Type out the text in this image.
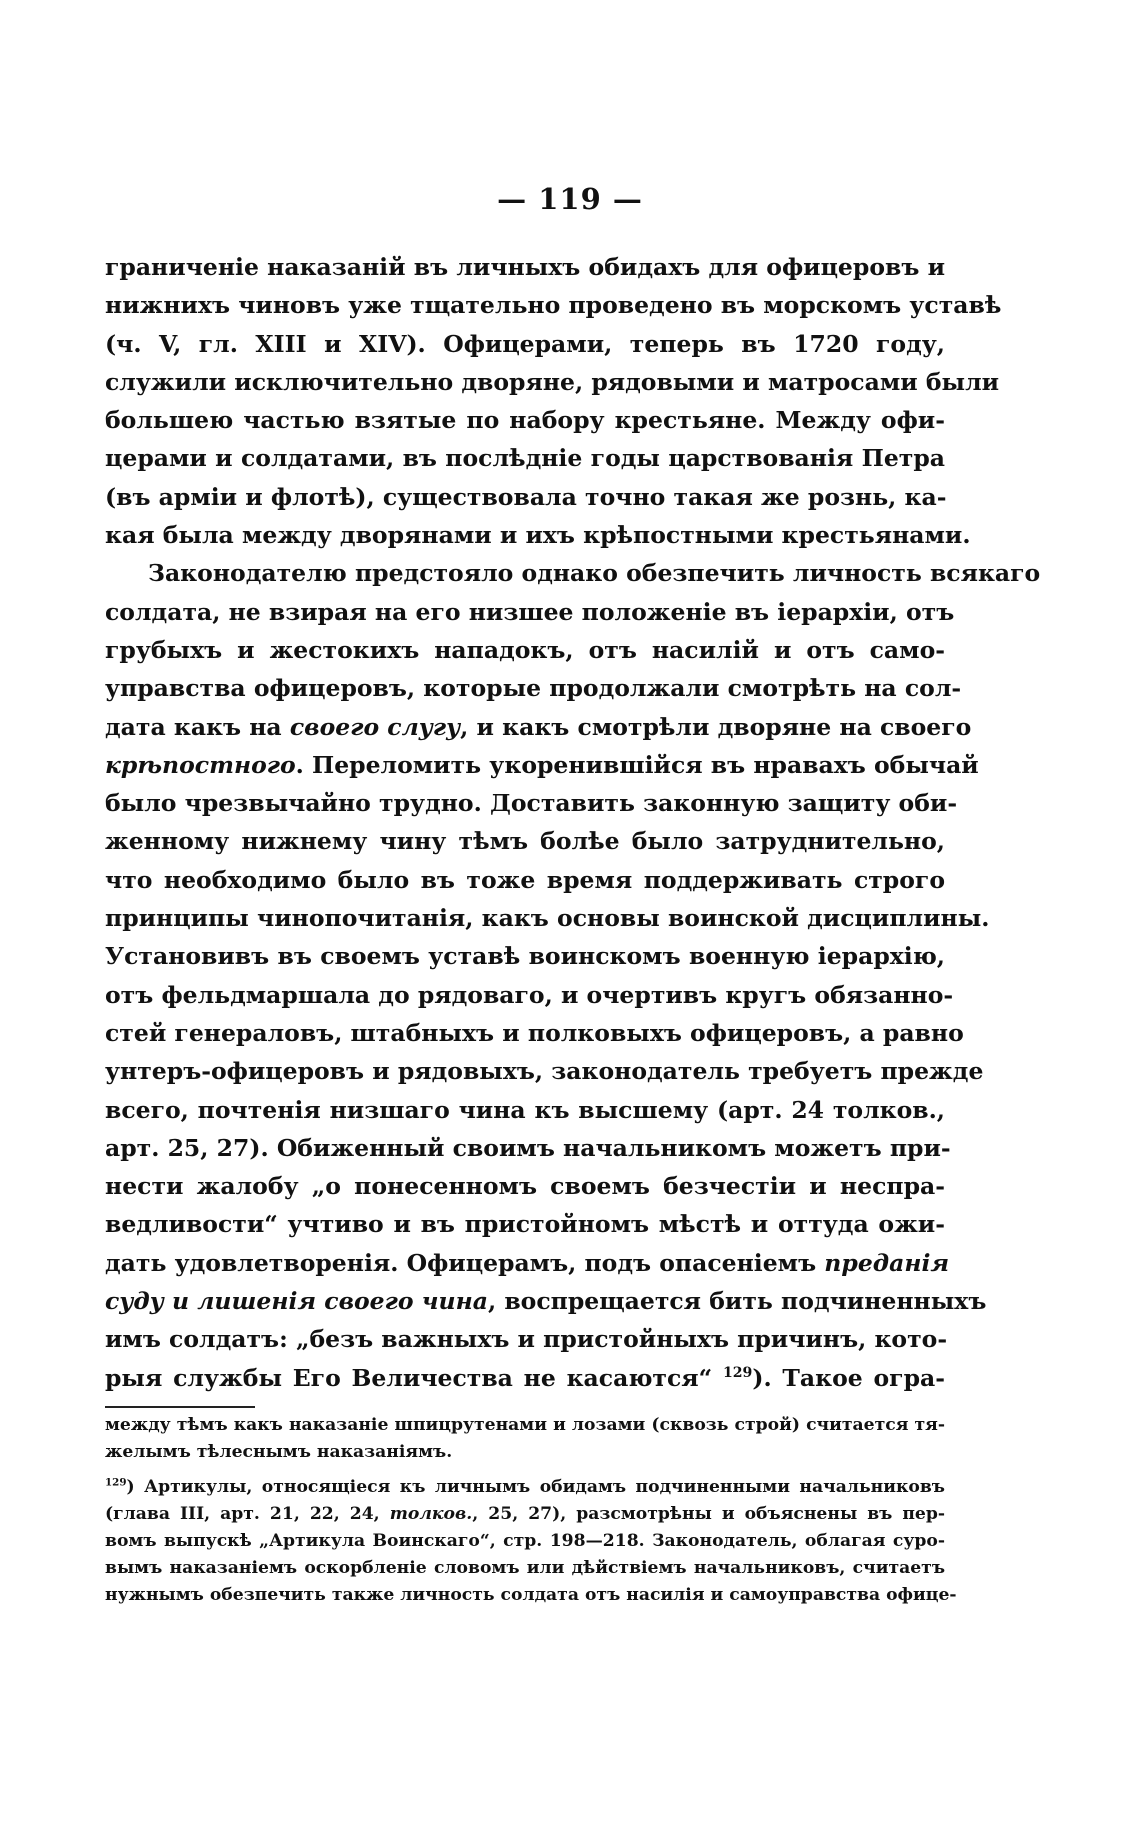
— 119 —
граниченіе наказаній въ личныхъ обидахъ для офицеровъ и
нижнихъ чиновъ уже тщательно проведено въ морскомъ уставѣ
(ч. V, гл. XIII и XIV). Офицерами, теперь въ 1720 году,
служили исключительно дворяне, рядовыми и матросами были
большею частью взятые по набору крестьяне. Между офи-
церами и солдатами, въ послѣдніе годы царствованія Петра
(въ арміи и флотѣ), существовала точно такая же рознь, ка-
кая была между дворянами и ихъ крѣпостными крестьянами.
Законодателю предстояло однако обезпечить личность всякаго
солдата, не взирая на его низшее положеніе въ іерархіи, отъ
грубыхъ и жестокихъ нападокъ, отъ насилій и отъ само-
управства офицеровъ, которые продолжали смотрѣть на сол-
дата какъ на своего слугу, и какъ смотрѣли дворяне на своего
крѣпостного. Переломить укоренившійся въ нравахъ обычай
было чрезвычайно трудно. Доставить законную защиту оби-
женному нижнему чину тѣмъ болѣе было затруднительно,
что необходимо было въ тоже время поддерживать строго
принципы чинопочитанія, какъ основы воинской дисциплины.
Установивъ въ своемъ уставѣ воинскомъ военную іерархію,
отъ фельдмаршала до рядоваго, и очертивъ кругъ обязанно-
стей генераловъ, штабныхъ и полковыхъ офицеровъ, а равно
унтеръ-офицеровъ и рядовыхъ, законодатель требуетъ прежде
всего, почтенія низшаго чина къ высшему (арт. 24 толков.,
арт. 25, 27). Обиженный своимъ начальникомъ можетъ при-
нести жалобу „о понесенномъ своемъ безчестіи и неспра-
ведливости“ учтиво и въ пристойномъ мѣстѣ и оттуда ожи-
дать удовлетворенія. Офицерамъ, подъ опасеніемъ преданія
суду и лишенія своего чина, воспрещается бить подчиненныхъ
имъ солдатъ: „безъ важныхъ и пристойныхъ причинъ, кото-
рыя службы Его Величества не касаются“ $^{129}$). Такое огра-
между тѣмъ какъ наказаніе шпицрутенами и лозами (сквозь строй) считается тя-
желымъ тѣлеснымъ наказаніямъ.
$^{129}$) Артикулы, относящіеся къ личнымъ обидамъ подчиненными начальниковъ
(глава III, арт. 21, 22, 24, толков., 25, 27), разсмотрѣны и объяснены въ пер-
вомъ выпускѣ „Артикула Воинскаго“, стр. 198—218. Законодатель, облагая суро-
вымъ наказаніемъ оскорбленіе словомъ или дѣйствіемъ начальниковъ, считаетъ
нужнымъ обезпечить также личность солдата отъ насилія и самоуправства офице-
